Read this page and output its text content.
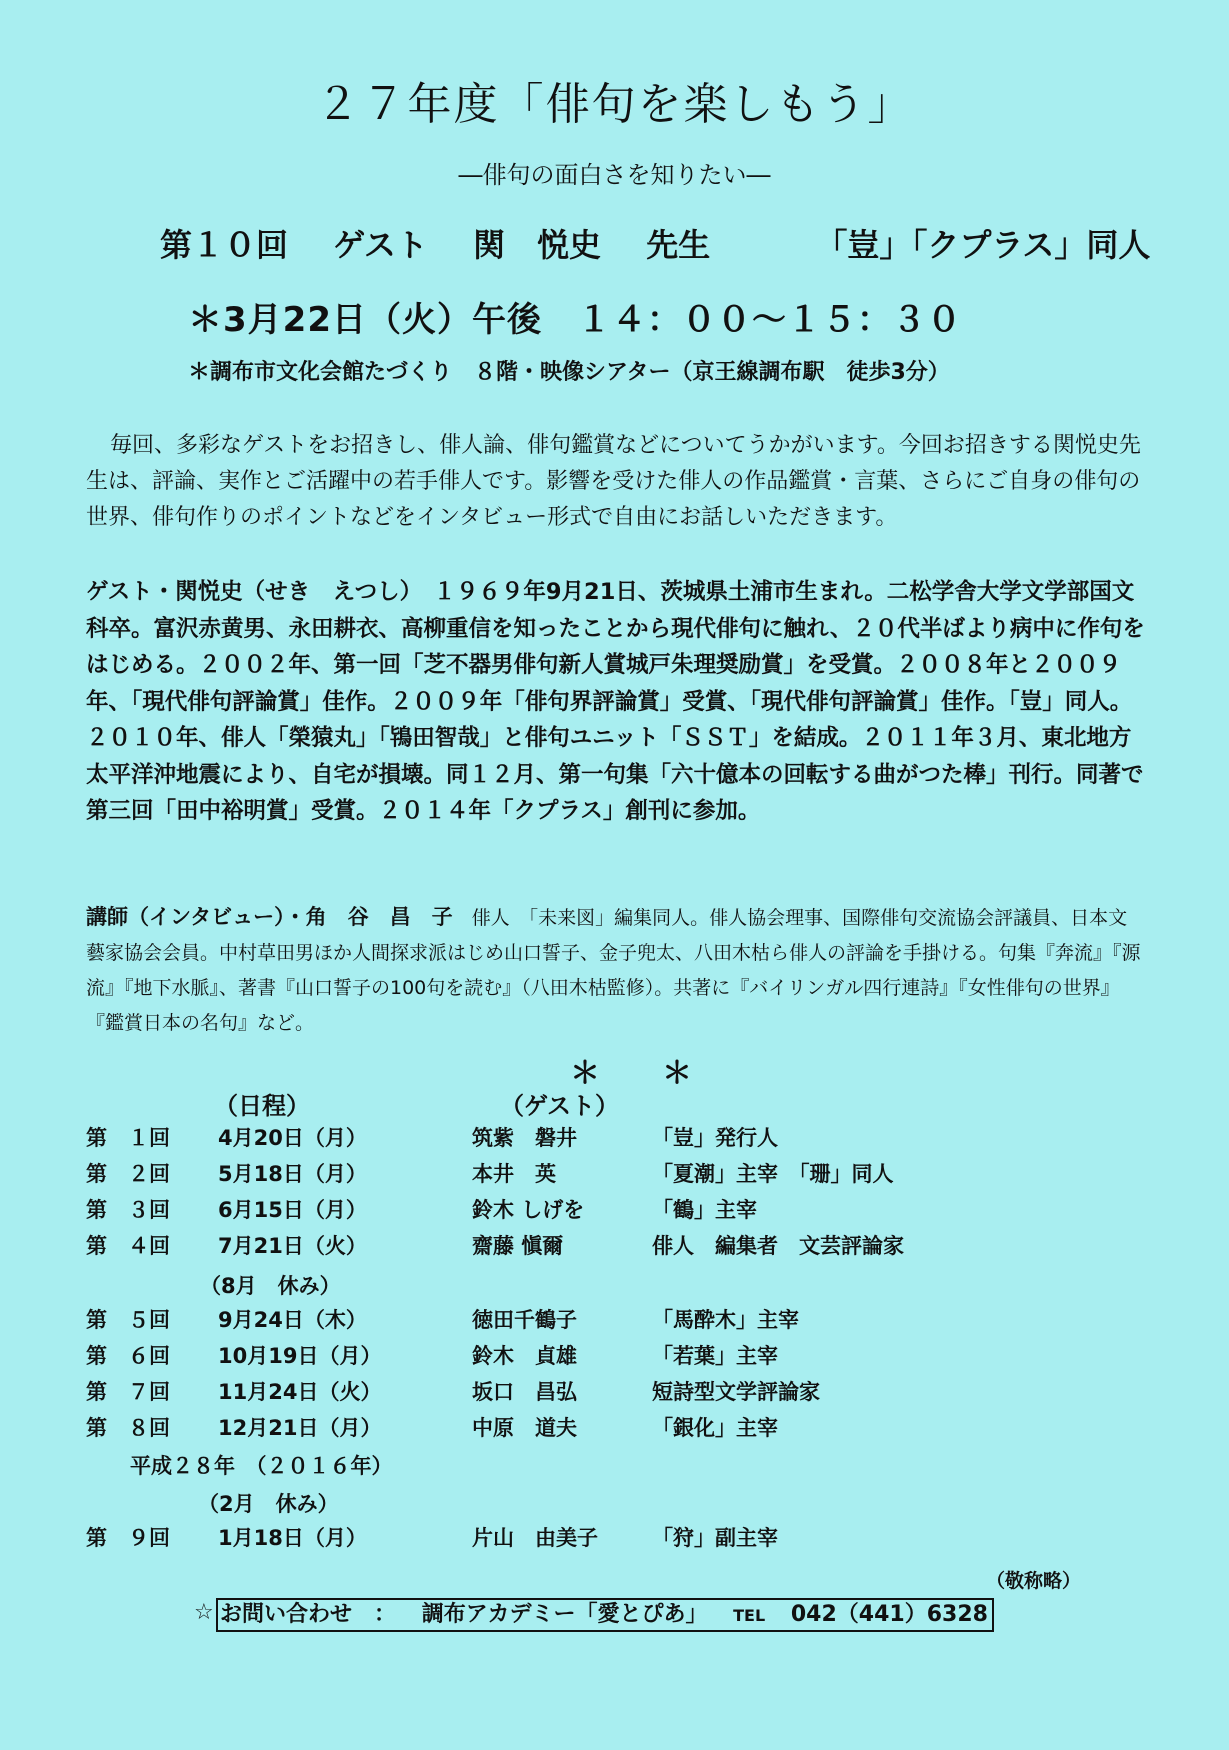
２７年度「俳句を楽しもう」
―俳句の面白さを知りたい―
第１０回 ゲスト 関　悦史 先生	「豈」「クプラス」同人
＊3月22日（火）午後　１４：００～１５：３０
＊調布市文化会館たづくり　８階・映像シアター（京王線調布駅　徒歩3分）
毎回、多彩なゲストをお招きし、俳人論、俳句鑑賞などについてうかがいます。今回お招きする関悦史先生は、評論、実作とご活躍中の若手俳人です。影響を受けた俳人の作品鑑賞・言葉、さらにご自身の俳句の世界、俳句作りのポイントなどをインタビュー形式で自由にお話しいただきます。
ゲスト・関悦史（せき　えつし）　１９６９年9月21日、茨城県土浦市生まれ。二松学舎大学文学部国文科卒。富沢赤黄男、永田耕衣、高柳重信を知ったことから現代俳句に触れ、２０代半ばより病中に作句をはじめる。２００２年、第一回「芝不器男俳句新人賞城戸朱理奨励賞」を受賞。２００８年と２００９年、「現代俳句評論賞」佳作。２００９年「俳句界評論賞」受賞、「現代俳句評論賞」佳作。「豈」同人。２０１０年、俳人「榮猿丸」「鴇田智哉」と俳句ユニット「ＳＳＴ」を結成。２０１１年３月、東北地方太平洋沖地震により、自宅が損壊。同１２月、第一句集「六十億本の回転する曲がつた棒」刊行。同著で第三回「田中裕明賞」受賞。２０１４年「クプラス」創刊に参加。
講師（インタビュー）・角　谷　昌　子　俳人　「未来図」編集同人。俳人協会理事、国際俳句交流協会評議員、日本文藝家協会会員。中村草田男ほか人間探求派はじめ山口誓子、金子兜太、八田木枯ら俳人の評論を手掛ける。句集『奔流』『源流』『地下水脈』、著書『山口誓子の100句を読む』（八田木枯監修）。共著に『バイリンガル四行連詩』『女性俳句の世界』『鑑賞日本の名句』など。
＊＊
（日程）	（ゲスト）
第　１回 4月20日（月）	筑紫　磐井	「豈」発行人
第　２回 5月18日（月）	本井　英	「夏潮」主宰　「珊」同人
第　３回 6月15日（月）	鈴木 しげを	「鶴」主宰
第　４回 7月21日（火）	齋藤 愼爾	俳人　編集者　文芸評論家
（8月　休み）
第　５回 9月24日（木）	徳田千鶴子	「馬酔木」主宰
第　６回 10月19日（月）	鈴木　貞雄	「若葉」主宰
第　７回 11月24日（火）	坂口　昌弘	短詩型文学評論家
第　８回 12月21日（月）	中原　道夫	「銀化」主宰
平成２８年　（２０１６年）
（2月　休み）
第　９回 1月18日（月）	片山　由美子	「狩」副主宰
（敬称略）
☆ お問い合わせ　： 調布アカデミー「愛とぴあ」 TEL 042（441）6328
